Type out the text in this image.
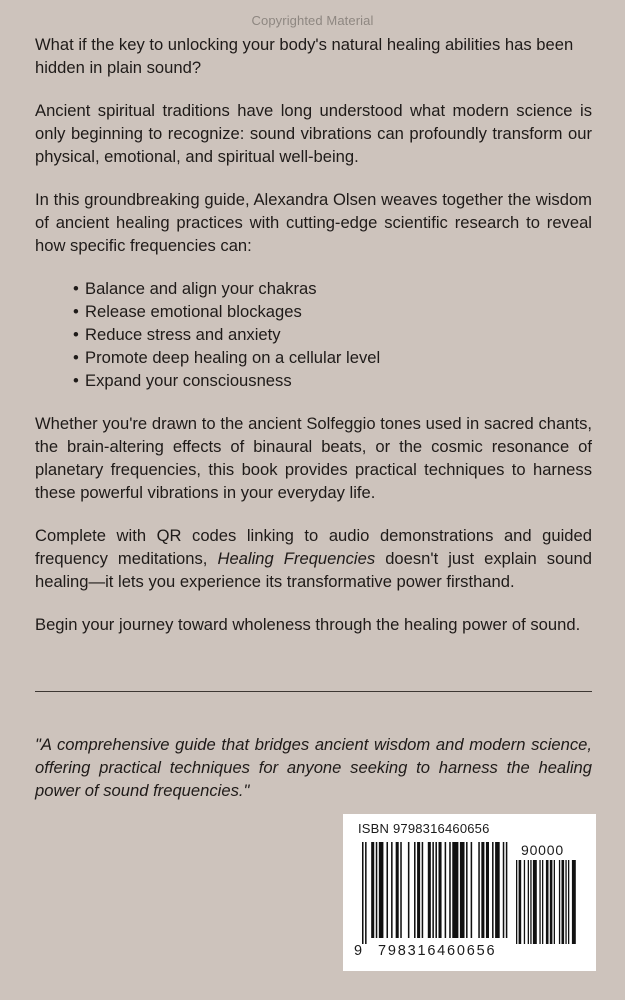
Copyrighted Material

What if the key to unlocking your body's natural healing abilities has been hidden in plain sound?

Ancient spiritual traditions have long understood what modern science is only beginning to recognize: sound vibrations can profoundly transform our physical, emotional, and spiritual well-being.

In this groundbreaking guide, Alexandra Olsen weaves together the wisdom of ancient healing practices with cutting-edge scientific research to reveal how specific frequencies can:

• Balance and align your chakras
• Release emotional blockages
• Reduce stress and anxiety
• Promote deep healing on a cellular level
• Expand your consciousness

Whether you're drawn to the ancient Solfeggio tones used in sacred chants, the brain-altering effects of binaural beats, or the cosmic resonance of planetary frequencies, this book provides practical techniques to harness these powerful vibrations in your everyday life.

Complete with QR codes linking to audio demonstrations and guided frequency meditations, Healing Frequencies doesn't just explain sound healing—it lets you experience its transformative power firsthand.

Begin your journey toward wholeness through the healing power of sound.

"A comprehensive guide that bridges ancient wisdom and modern science, offering practical techniques for anyone seeking to harness the healing power of sound frequencies."

ISBN 9798316460656
90000
9 798316460656
